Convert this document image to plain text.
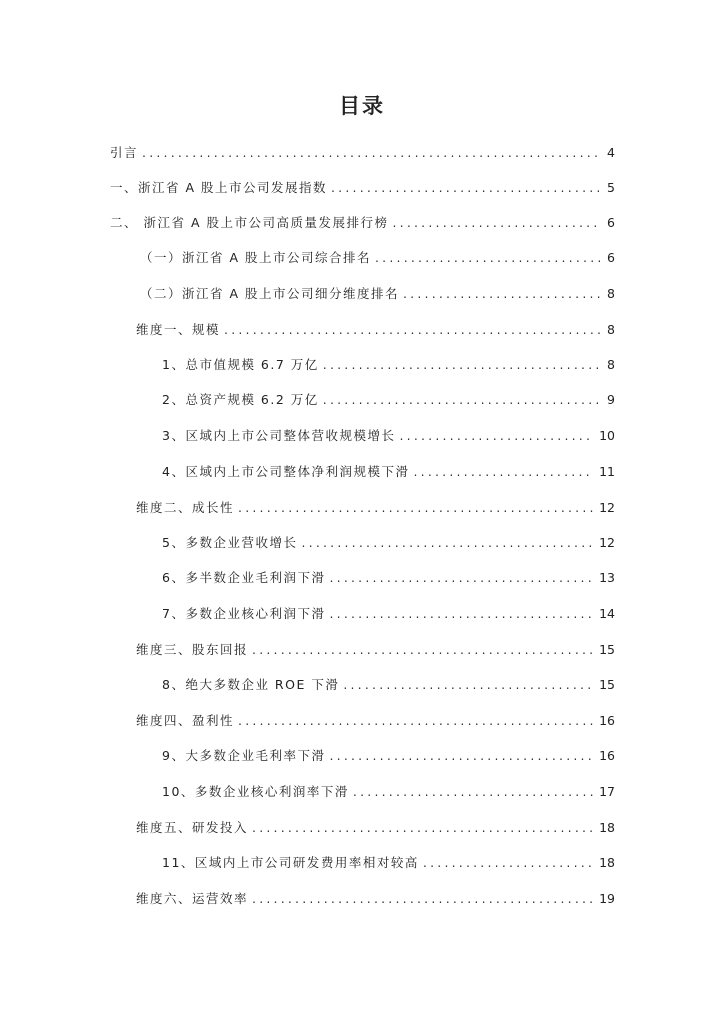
目录
引言 .....	4
一、浙江省 A 股上市公司发展指数 .....	5
二、 浙江省 A 股上市公司高质量发展排行榜 .....	6
（一）浙江省 A 股上市公司综合排名 .....	6
（二）浙江省 A 股上市公司细分维度排名 .....	8
维度一、规模 .....	8
1、总市值规模 6.7 万亿 .....	8
2、总资产规模 6.2 万亿 .....	9
3、区域内上市公司整体营收规模增长 .....	10
4、区域内上市公司整体净利润规模下滑 .....	11
维度二、成长性 .....	12
5、多数企业营收增长 .....	12
6、多半数企业毛利润下滑 .....	13
7、多数企业核心利润下滑 .....	14
维度三、股东回报 .....	15
8、绝大多数企业 ROE 下滑 .....	15
维度四、盈利性 .....	16
9、大多数企业毛利率下滑 .....	16
10、多数企业核心利润率下滑 .....	17
维度五、研发投入 .....	18
11、区域内上市公司研发费用率相对较高 .....	18
维度六、运营效率 .....	19
